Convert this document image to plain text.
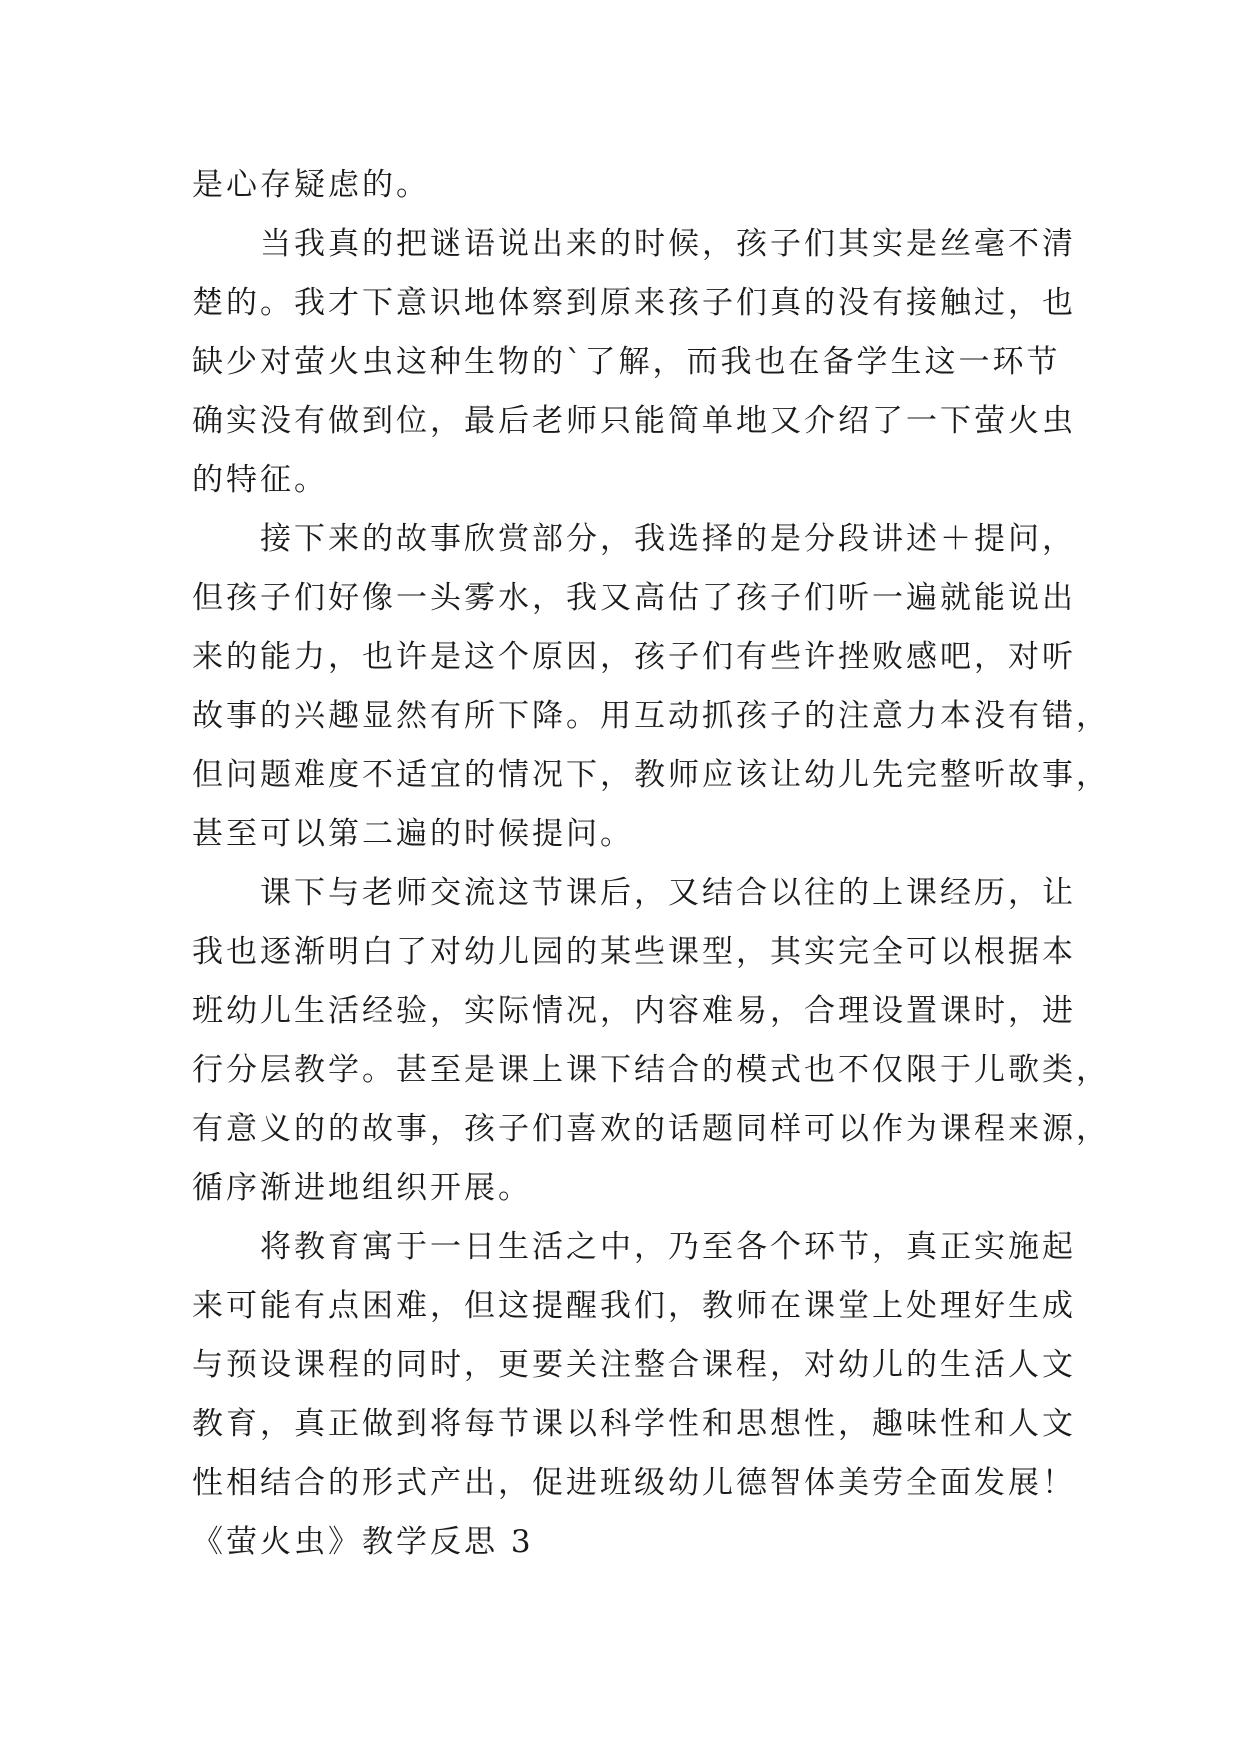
是心存疑虑的。
当我真的把谜语说出来的时候，孩子们其实是丝毫不清
楚的。我才下意识地体察到原来孩子们真的没有接触过，也
缺少对萤火虫这种生物的`了解，而我也在备学生这一环节
确实没有做到位，最后老师只能简单地又介绍了一下萤火虫
的特征。
接下来的故事欣赏部分，我选择的是分段讲述＋提问，
但孩子们好像一头雾水，我又高估了孩子们听一遍就能说出
来的能力，也许是这个原因，孩子们有些许挫败感吧，对听
故事的兴趣显然有所下降。用互动抓孩子的注意力本没有错，
但问题难度不适宜的情况下，教师应该让幼儿先完整听故事，
甚至可以第二遍的时候提问。
课下与老师交流这节课后，又结合以往的上课经历，让
我也逐渐明白了对幼儿园的某些课型，其实完全可以根据本
班幼儿生活经验，实际情况，内容难易，合理设置课时，进
行分层教学。甚至是课上课下结合的模式也不仅限于儿歌类，
有意义的的故事，孩子们喜欢的话题同样可以作为课程来源，
循序渐进地组织开展。
将教育寓于一日生活之中，乃至各个环节，真正实施起
来可能有点困难，但这提醒我们，教师在课堂上处理好生成
与预设课程的同时，更要关注整合课程，对幼儿的生活人文
教育，真正做到将每节课以科学性和思想性，趣味性和人文
性相结合的形式产出，促进班级幼儿德智体美劳全面发展！
《萤火虫》教学反思 3
